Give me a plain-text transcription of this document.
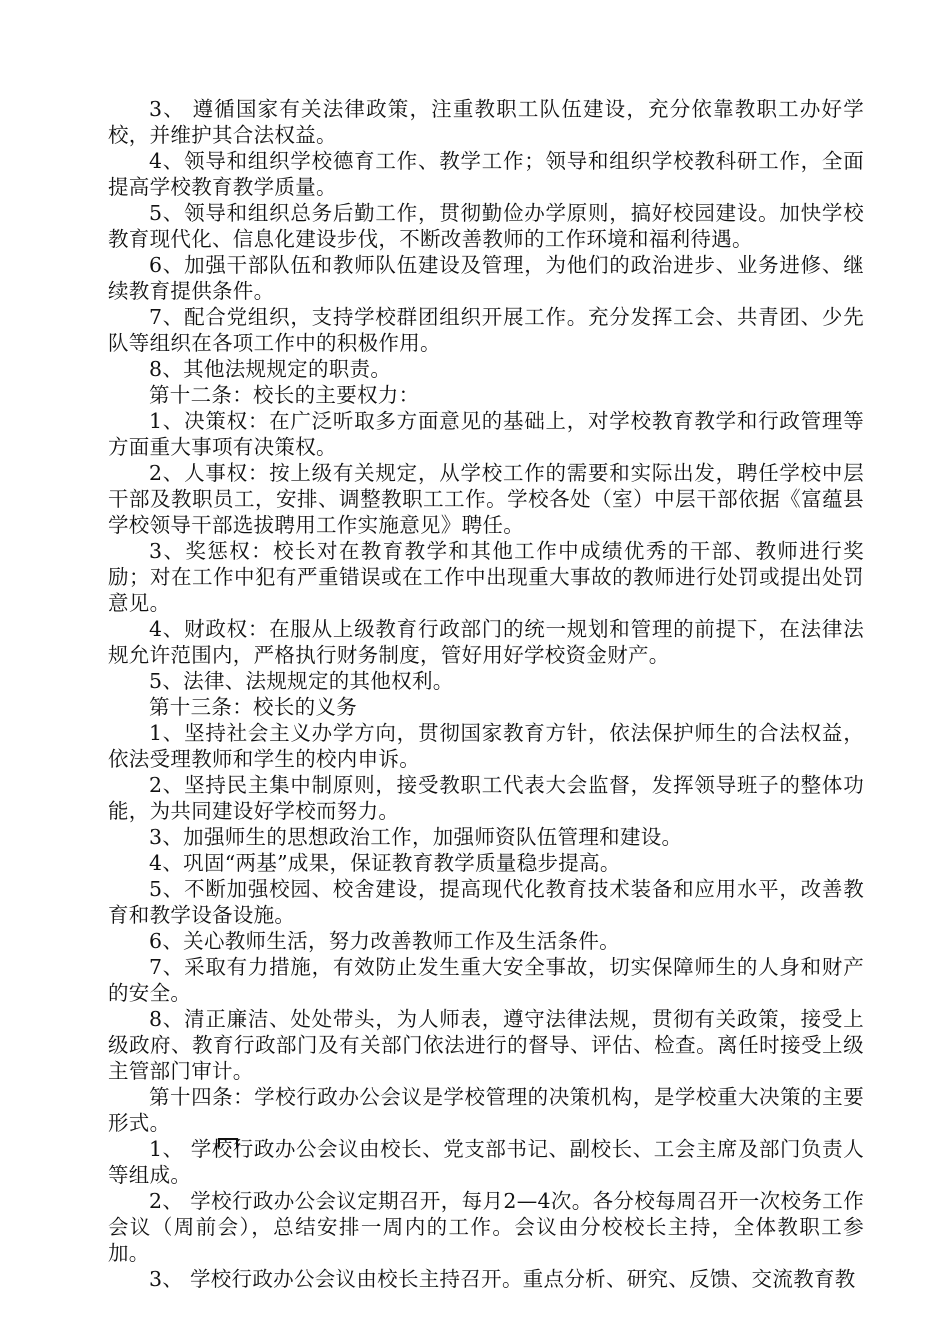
3、 遵循国家有关法律政策，注重教职工队伍建设，充分依靠教职工办好学校，并维护其合法权益。

4、领导和组织学校德育工作、教学工作；领导和组织学校教科研工作，全面提高学校教育教学质量。

5、领导和组织总务后勤工作，贯彻勤俭办学原则，搞好校园建设。加快学校教育现代化、信息化建设步伐，不断改善教师的工作环境和福利待遇。

6、加强干部队伍和教师队伍建设及管理，为他们的政治进步、业务进修、继续教育提供条件。

7、配合党组织，支持学校群团组织开展工作。充分发挥工会、共青团、少先队等组织在各项工作中的积极作用。

8、其他法规规定的职责。

第十二条：校长的主要权力：

1、决策权：在广泛听取多方面意见的基础上，对学校教育教学和行政管理等方面重大事项有决策权。

2、人事权：按上级有关规定，从学校工作的需要和实际出发，聘任学校中层干部及教职员工，安排、调整教职工工作。学校各处（室）中层干部依据《富蕴县学校领导干部选拔聘用工作实施意见》聘任。

3、奖惩权：校长对在教育教学和其他工作中成绩优秀的干部、教师进行奖励；对在工作中犯有严重错误或在工作中出现重大事故的教师进行处罚或提出处罚意见。

4、财政权：在服从上级教育行政部门的统一规划和管理的前提下，在法律法规允许范围内，严格执行财务制度，管好用好学校资金财产。

5、法律、法规规定的其他权利。

第十三条：校长的义务

1、坚持社会主义办学方向，贯彻国家教育方针，依法保护师生的合法权益，依法受理教师和学生的校内申诉。

2、坚持民主集中制原则，接受教职工代表大会监督，发挥领导班子的整体功能，为共同建设好学校而努力。

3、加强师生的思想政治工作，加强师资队伍管理和建设。

4、巩固“两基”成果，保证教育教学质量稳步提高。

5、不断加强校园、校舍建设，提高现代化教育技术装备和应用水平，改善教育和教学设备设施。

6、关心教师生活，努力改善教师工作及生活条件。

7、采取有力措施，有效防止发生重大安全事故，切实保障师生的人身和财产的安全。

8、清正廉洁、处处带头，为人师表，遵守法律法规，贯彻有关政策，接受上级政府、教育行政部门及有关部门依法进行的督导、评估、检查。离任时接受上级主管部门审计。

第十四条：学校行政办公会议是学校管理的决策机构，是学校重大决策的主要形式。

1、 学校行政办公会议由校长、党支部书记、副校长、工会主席及部门负责人等组成。

2、 学校行政办公会议定期召开，每月2—4次。各分校每周召开一次校务工作会议（周前会），总结安排一周内的工作。会议由分校校长主持，全体教职工参加。

3、 学校行政办公会议由校长主持召开。重点分析、研究、反馈、交流教育教
